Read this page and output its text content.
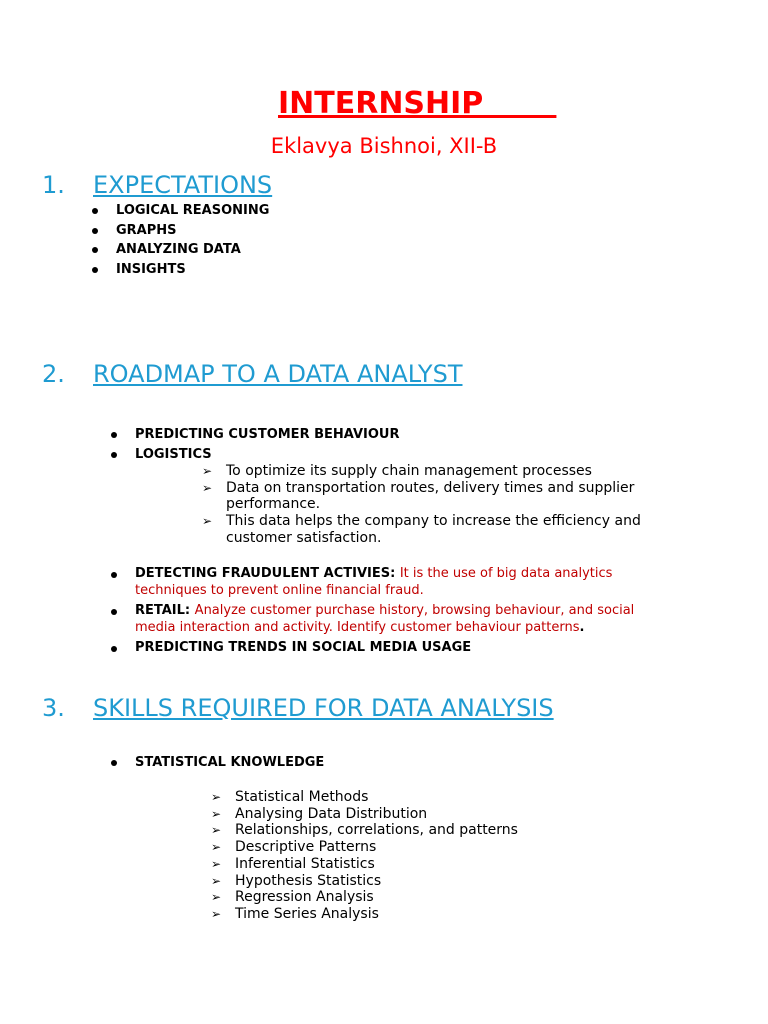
INTERNSHIP
Eklavya Bishnoi, XII-B
1. EXPECTATIONS
LOGICAL REASONING
GRAPHS
ANALYZING DATA
INSIGHTS
2. ROADMAP TO A DATA ANALYST
PREDICTING CUSTOMER BEHAVIOUR
LOGISTICS
➢ To optimize its supply chain management processes
➢ Data on transportation routes, delivery times and supplier performance.
➢ This data helps the company to increase the efficiency and customer satisfaction.
DETECTING FRAUDULENT ACTIVIES: It is the use of big data analytics techniques to prevent online financial fraud.
RETAIL: Analyze customer purchase history, browsing behaviour, and social media interaction and activity. Identify customer behaviour patterns.
PREDICTING TRENDS IN SOCIAL MEDIA USAGE
3. SKILLS REQUIRED FOR DATA ANALYSIS
STATISTICAL KNOWLEDGE
➢ Statistical Methods
➢ Analysing Data Distribution
➢ Relationships, correlations, and patterns
➢ Descriptive Patterns
➢ Inferential Statistics
➢ Hypothesis Statistics
➢ Regression Analysis
➢ Time Series Analysis
